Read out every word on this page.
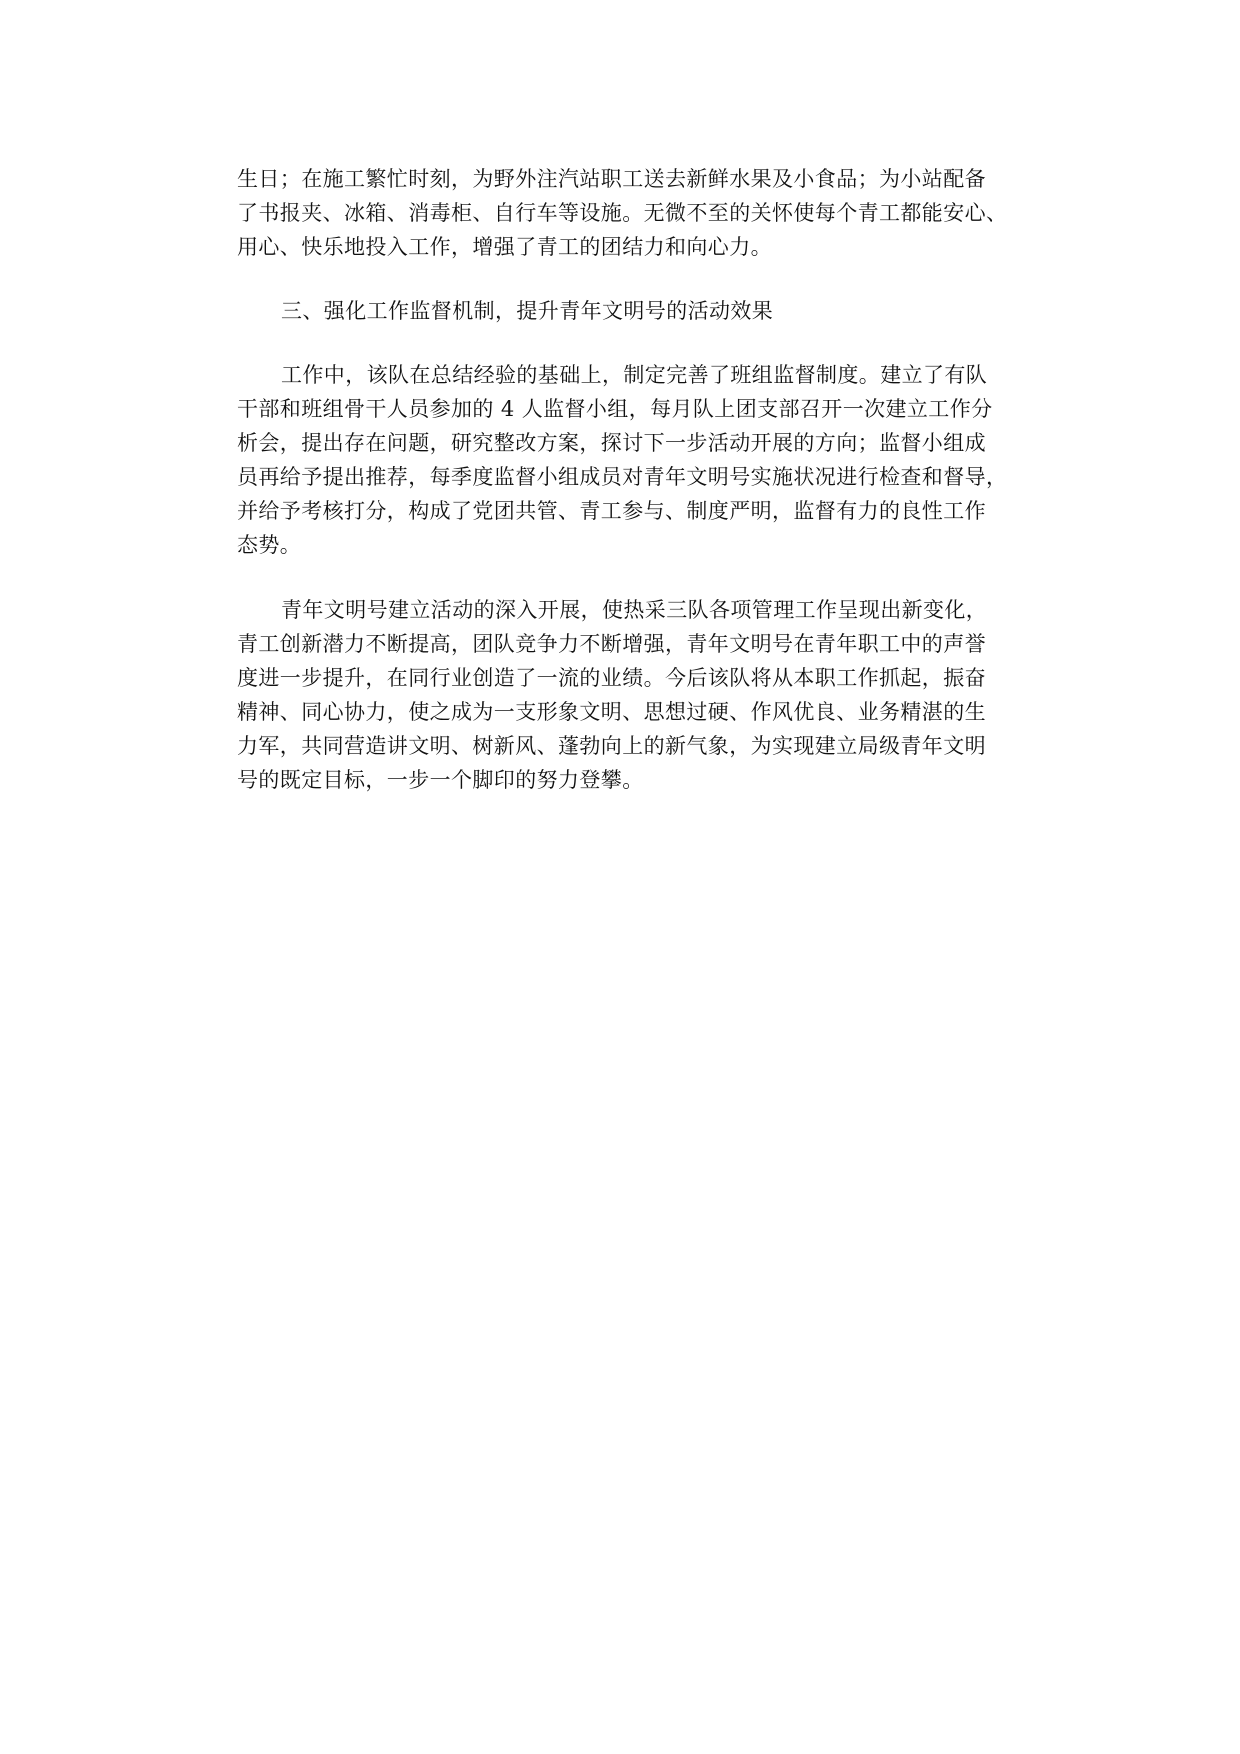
生日；在施工繁忙时刻，为野外注汽站职工送去新鲜水果及小食品；为小站配备
了书报夹、冰箱、消毒柜、自行车等设施。无微不至的关怀使每个青工都能安心、
用心、快乐地投入工作，增强了青工的团结力和向心力。
三、强化工作监督机制，提升青年文明号的活动效果
工作中，该队在总结经验的基础上，制定完善了班组监督制度。建立了有队
干部和班组骨干人员参加的 4 人监督小组，每月队上团支部召开一次建立工作分
析会，提出存在问题，研究整改方案，探讨下一步活动开展的方向；监督小组成
员再给予提出推荐，每季度监督小组成员对青年文明号实施状况进行检查和督导，
并给予考核打分，构成了党团共管、青工参与、制度严明，监督有力的良性工作
态势。
青年文明号建立活动的深入开展，使热采三队各项管理工作呈现出新变化，
青工创新潜力不断提高，团队竞争力不断增强，青年文明号在青年职工中的声誉
度进一步提升，在同行业创造了一流的业绩。今后该队将从本职工作抓起，振奋
精神、同心协力，使之成为一支形象文明、思想过硬、作风优良、业务精湛的生
力军，共同营造讲文明、树新风、蓬勃向上的新气象，为实现建立局级青年文明
号的既定目标，一步一个脚印的努力登攀。
